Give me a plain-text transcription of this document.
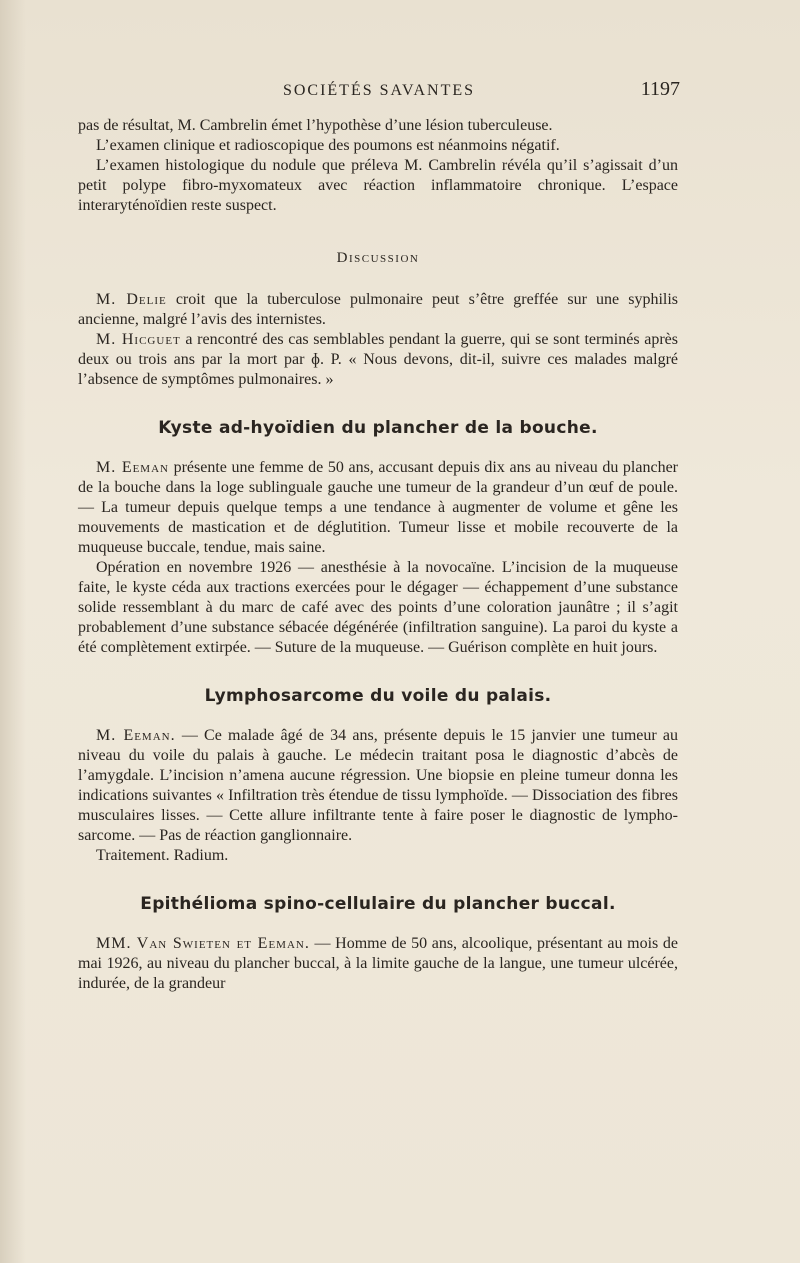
SOCIÉTÉS SAVANTES	1197

pas de résultat, M. Cambrelin émet l’hypothèse d’une lésion tuberculeuse.

L’examen clinique et radioscopique des poumons est néanmoins négatif.

L’examen histologique du nodule que préleva M. Cambrelin révéla qu’il s’agissait d’un petit polype fibro-myxomateux avec réaction inflammatoire chronique. L’espace interaryténoïdien reste suspect.

Discussion

M. Delie croit que la tuberculose pulmonaire peut s’être greffée sur une syphilis ancienne, malgré l’avis des internistes.

M. Hicguet a rencontré des cas semblables pendant la guerre, qui se sont terminés après deux ou trois ans par la mort par ɸ. P. « Nous devons, dit-il, suivre ces malades malgré l’absence de symptômes pulmonaires. »

Kyste ad-hyoïdien du plancher de la bouche.

M. Eeman présente une femme de 50 ans, accusant depuis dix ans au niveau du plancher de la bouche dans la loge sublinguale gauche une tumeur de la grandeur d’un œuf de poule. — La tumeur depuis quelque temps a une tendance à augmenter de volume et gêne les mouvements de mastication et de déglutition. Tumeur lisse et mobile recouverte de la muqueuse buccale, tendue, mais saine.

Opération en novembre 1926 — anesthésie à la novocaïne. L’incision de la muqueuse faite, le kyste céda aux tractions exercées pour le dégager — échappement d’une substance solide ressemblant à du marc de café avec des points d’une coloration jaunâtre ; il s’agit probablement d’une substance sébacée dégénérée (infiltration sanguine). La paroi du kyste a été complètement extirpée. — Suture de la muqueuse. — Guérison complète en huit jours.

Lymphosarcome du voile du palais.

M. Eeman. — Ce malade âgé de 34 ans, présente depuis le 15 janvier une tumeur au niveau du voile du palais à gauche. Le médecin traitant posa le diagnostic d’abcès de l’amygdale. L’incision n’amena aucune régression. Une biopsie en pleine tumeur donna les indications suivantes « Infiltration très étendue de tissu lymphoïde. — Dissociation des fibres musculaires lisses. — Cette allure infiltrante tente à faire poser le diagnostic de lympho-sarcome. — Pas de réaction ganglionnaire.

Traitement. Radium.

Epithélioma spino-cellulaire du plancher buccal.

MM. Van Swieten et Eeman. — Homme de 50 ans, alcoolique, présentant au mois de mai 1926, au niveau du plancher buccal, à la limite gauche de la langue, une tumeur ulcérée, indurée, de la grandeur
